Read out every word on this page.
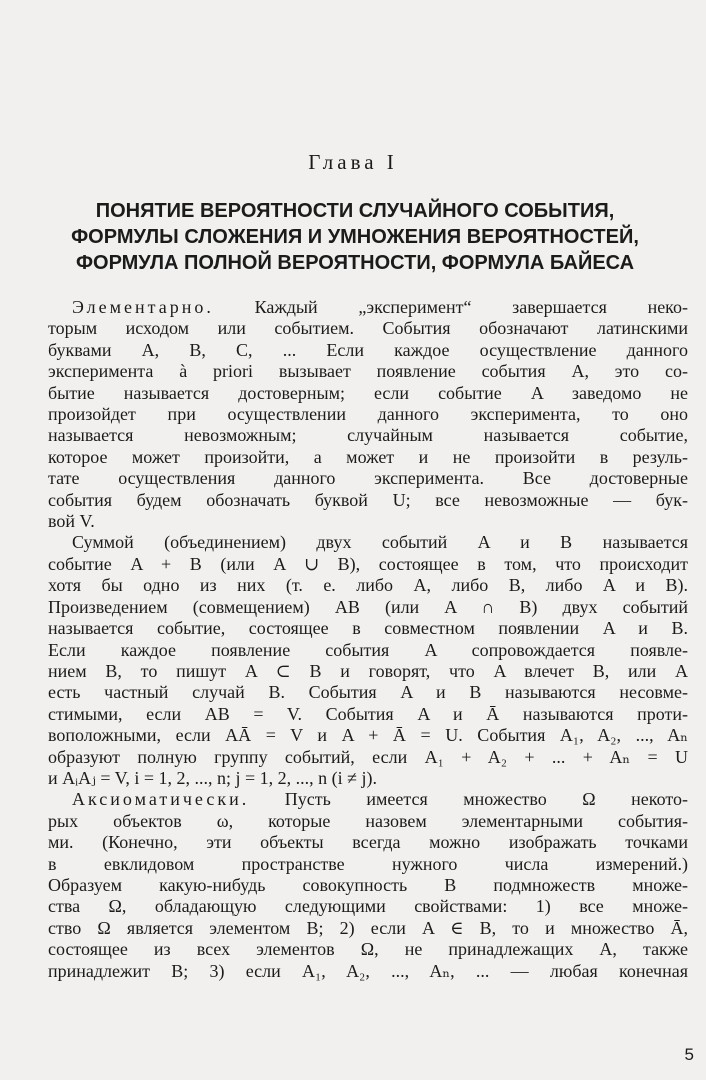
Глава I
ПОНЯТИЕ ВЕРОЯТНОСТИ СЛУЧАЙНОГО СОБЫТИЯ,
ФОРМУЛЫ СЛОЖЕНИЯ И УМНОЖЕНИЯ ВЕРОЯТНОСТЕЙ,
ФОРМУЛА ПОЛНОЙ ВЕРОЯТНОСТИ, ФОРМУЛА БАЙЕСА
Элементарно. Каждый „эксперимент“ завершается неко-
торым исходом или событием. События обозначают латинскими
буквами A, B, C, ... Если каждое осуществление данного
эксперимента à priori вызывает появление события A, это со-
бытие называется достоверным; если событие A заведомо не
произойдет при осуществлении данного эксперимента, то оно
называется невозможным; случайным называется событие,
которое может произойти, а может и не произойти в резуль-
тате осуществления данного эксперимента. Все достоверные
события будем обозначать буквой U; все невозможные — бук-
вой V.
Суммой (объединением) двух событий A и B называется
событие A + B (или A ∪ B), состоящее в том, что происходит
хотя бы одно из них (т. е. либо A, либо B, либо A и B).
Произведением (совмещением) AB (или A ∩ B) двух событий
называется событие, состоящее в совместном появлении A и B.
Если каждое появление события A сопровождается появле-
нием B, то пишут A ⊂ B и говорят, что A влечет B, или A
есть частный случай B. События A и B называются несовме-
стимыми, если AB = V. События A и Ā называются проти-
воположными, если AĀ = V и A + Ā = U. События A₁, A₂, ..., Aₙ
образуют полную группу событий, если A₁ + A₂ + ... + Aₙ = U
и AᵢAⱼ = V, i = 1, 2, ..., n; j = 1, 2, ..., n (i ≠ j).
Аксиоматически. Пусть имеется множество Ω некото-
рых объектов ω, которые назовем элементарными события-
ми. (Конечно, эти объекты всегда можно изображать точками
в евклидовом пространстве нужного числа измерений.)
Образуем какую-нибудь совокупность B подмножеств множе-
ства Ω, обладающую следующими свойствами: 1) все множе-
ство Ω является элементом B; 2) если A ∈ B, то и множество Ā,
состоящее из всех элементов Ω, не принадлежащих A, также
принадлежит B; 3) если A₁, A₂, ..., Aₙ, ... — любая конечная
5
